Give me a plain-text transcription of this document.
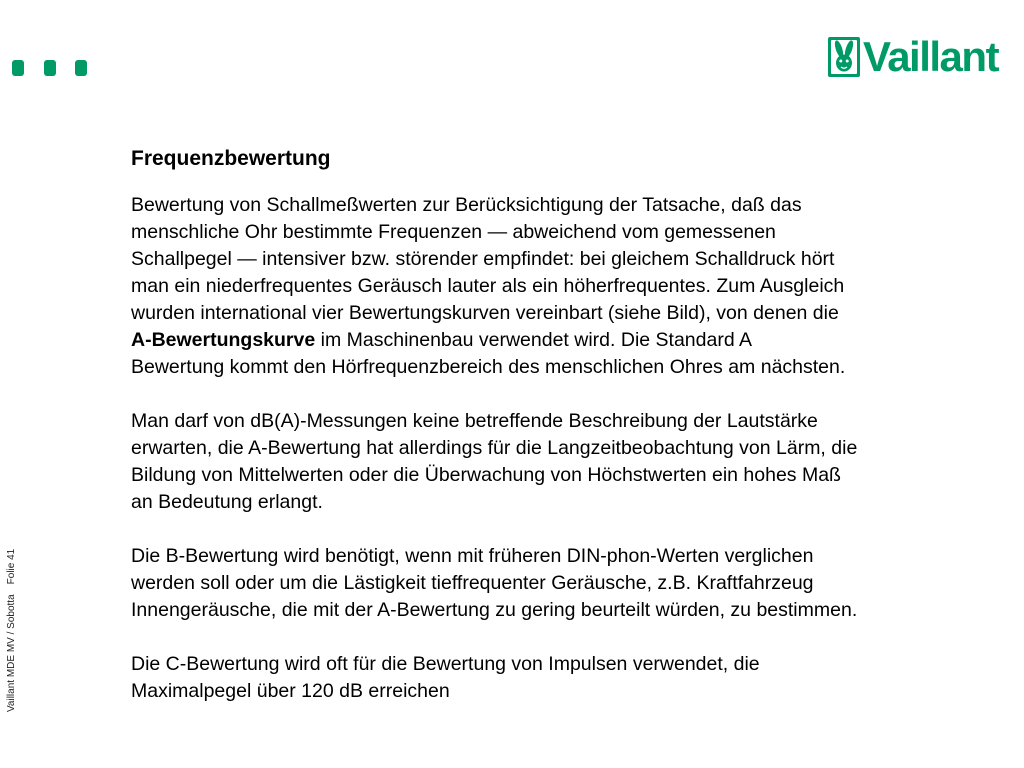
Vaillant
Vaillant MDE MV / SobottaFolie 41
Frequenzbewertung
Bewertung von Schallmeßwerten zur Berücksichtigung der Tatsache, daß das
menschliche Ohr bestimmte Frequenzen — abweichend vom gemessenen
Schallpegel — intensiver bzw. störender empfindet: bei gleichem Schalldruck hört
man ein niederfrequentes Geräusch lauter als ein höherfrequentes. Zum Ausgleich
wurden international vier Bewertungskurven vereinbart (siehe Bild), von denen die
A-Bewertungskurve im Maschinenbau verwendet wird. Die Standard A
Bewertung kommt den Hörfrequenzbereich des menschlichen Ohres am nächsten.
Man darf von dB(A)-Messungen keine betreffende Beschreibung der Lautstärke
erwarten, die A-Bewertung hat allerdings für die Langzeitbeobachtung von Lärm, die
Bildung von Mittelwerten oder die Überwachung von Höchstwerten ein hohes Maß
an Bedeutung erlangt.
Die B-Bewertung wird benötigt, wenn mit früheren DIN-phon-Werten verglichen
werden soll oder um die Lästigkeit tieffrequenter Geräusche, z.B. Kraftfahrzeug
Innengeräusche, die mit der A-Bewertung zu gering beurteilt würden, zu bestimmen.
Die C-Bewertung wird oft für die Bewertung von Impulsen verwendet, die
Maximalpegel über 120 dB erreichen
